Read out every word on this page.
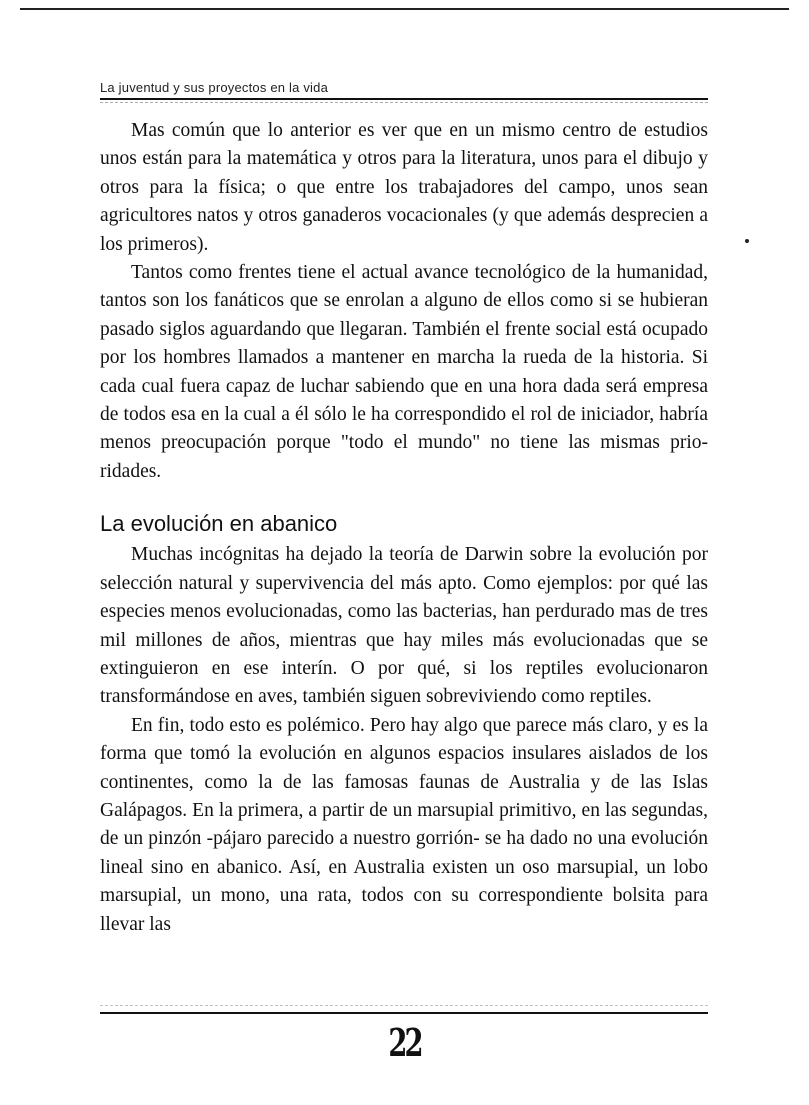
La juventud y sus proyectos en la vida

Mas común que lo anterior es ver que en un mismo centro de estudios unos están para la matemática y otros para la literatura, unos para el dibujo y otros para la física; o que entre los trabajadores del campo, unos sean agricultores natos y otros ganaderos vocacionales (y que además desprecien a los primeros).

Tantos como frentes tiene el actual avance tecnológico de la humanidad, tantos son los fanáticos que se enrolan a alguno de ellos como si se hubieran pasado siglos aguardando que llegaran. También el frente social está ocupado por los hombres llamados a mantener en marcha la rueda de la historia. Si cada cual fuera capaz de luchar sabiendo que en una hora dada será empresa de todos esa en la cual a él sólo le ha correspondido el rol de iniciador, habría menos preocupación porque "todo el mundo" no tiene las mismas prioridades.

La evolución en abanico

Muchas incógnitas ha dejado la teoría de Darwin sobre la evolución por selección natural y supervivencia del más apto. Como ejemplos: por qué las especies menos evolucionadas, como las bacterias, han perdurado mas de tres mil millones de años, mientras que hay miles más evolucionadas que se extinguieron en ese interín. O por qué, si los reptiles evolucionaron transformándose en aves, también siguen sobreviviendo como reptiles.

En fin, todo esto es polémico. Pero hay algo que parece más claro, y es la forma que tomó la evolución en algunos espacios insulares aislados de los continentes, como la de las famosas faunas de Australia y de las Islas Galápagos. En la primera, a partir de un marsupial primitivo, en las segundas, de un pinzón -pájaro parecido a nuestro gorrión- se ha dado no una evolución lineal sino en abanico. Así, en Australia existen un oso marsupial, un lobo marsupial, un mono, una rata, todos con su correspondiente bolsita para llevar las

22
